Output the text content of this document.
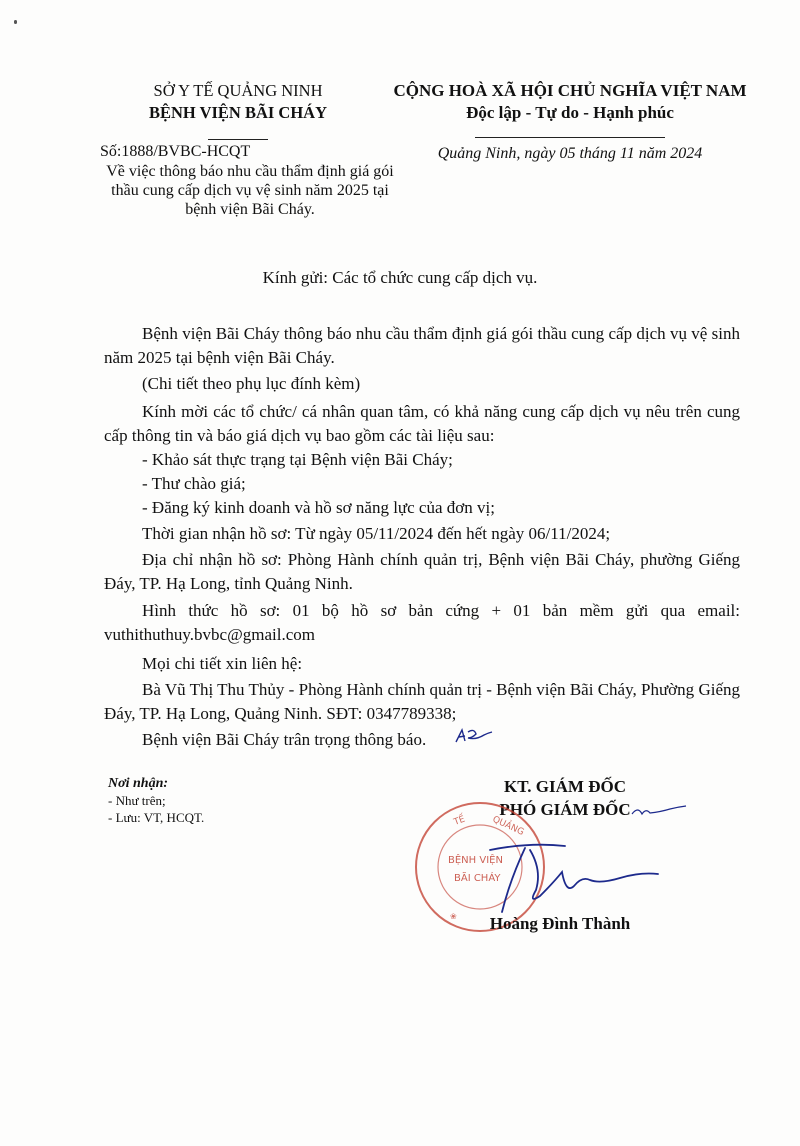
SỞ Y TẾ QUẢNG NINH
BỆNH VIỆN BÃI CHÁY
CỘNG HOÀ XÃ HỘI CHỦ NGHĨA VIỆT NAM
Độc lập - Tự do - Hạnh phúc
Số:1888/BVBC-HCQT
Về việc thông báo nhu cầu thẩm định giá gói thầu cung cấp dịch vụ vệ sinh năm 2025 tại bệnh viện Bãi Cháy.
Quảng Ninh, ngày 05 tháng 11 năm 2024
Kính gửi: Các tổ chức cung cấp dịch vụ.
Bệnh viện Bãi Cháy thông báo nhu cầu thẩm định giá gói thầu cung cấp dịch vụ vệ sinh năm 2025 tại bệnh viện Bãi Cháy.
(Chi tiết theo phụ lục đính kèm)
Kính mời các tổ chức/ cá nhân quan tâm, có khả năng cung cấp dịch vụ nêu trên cung cấp thông tin và báo giá dịch vụ bao gồm các tài liệu sau:
- Khảo sát thực trạng tại Bệnh viện Bãi Cháy;
- Thư chào giá;
- Đăng ký kinh doanh và hồ sơ năng lực của đơn vị;
Thời gian nhận hồ sơ: Từ ngày 05/11/2024 đến hết ngày 06/11/2024;
Địa chỉ nhận hồ sơ: Phòng Hành chính quản trị, Bệnh viện Bãi Cháy, phường Giếng Đáy, TP. Hạ Long, tỉnh Quảng Ninh.
Hình thức hồ sơ: 01 bộ hồ sơ bản cứng + 01 bản mềm gửi qua email: vuthithuthuy.bvbc@gmail.com
Mọi chi tiết xin liên hệ:
Bà Vũ Thị Thu Thủy - Phòng Hành chính quản trị - Bệnh viện Bãi Cháy, Phường Giếng Đáy, TP. Hạ Long, Quảng Ninh. SĐT: 0347789338;
Bệnh viện Bãi Cháy trân trọng thông báo.
Nơi nhận:
- Như trên;
- Lưu: VT, HCQT.
KT. GIÁM ĐỐC
PHÓ GIÁM ĐỐC
TẾ	QUẢNG
BỆNH VIỆN
BÃI CHÁY
❀	Hoàng Đình Thành
